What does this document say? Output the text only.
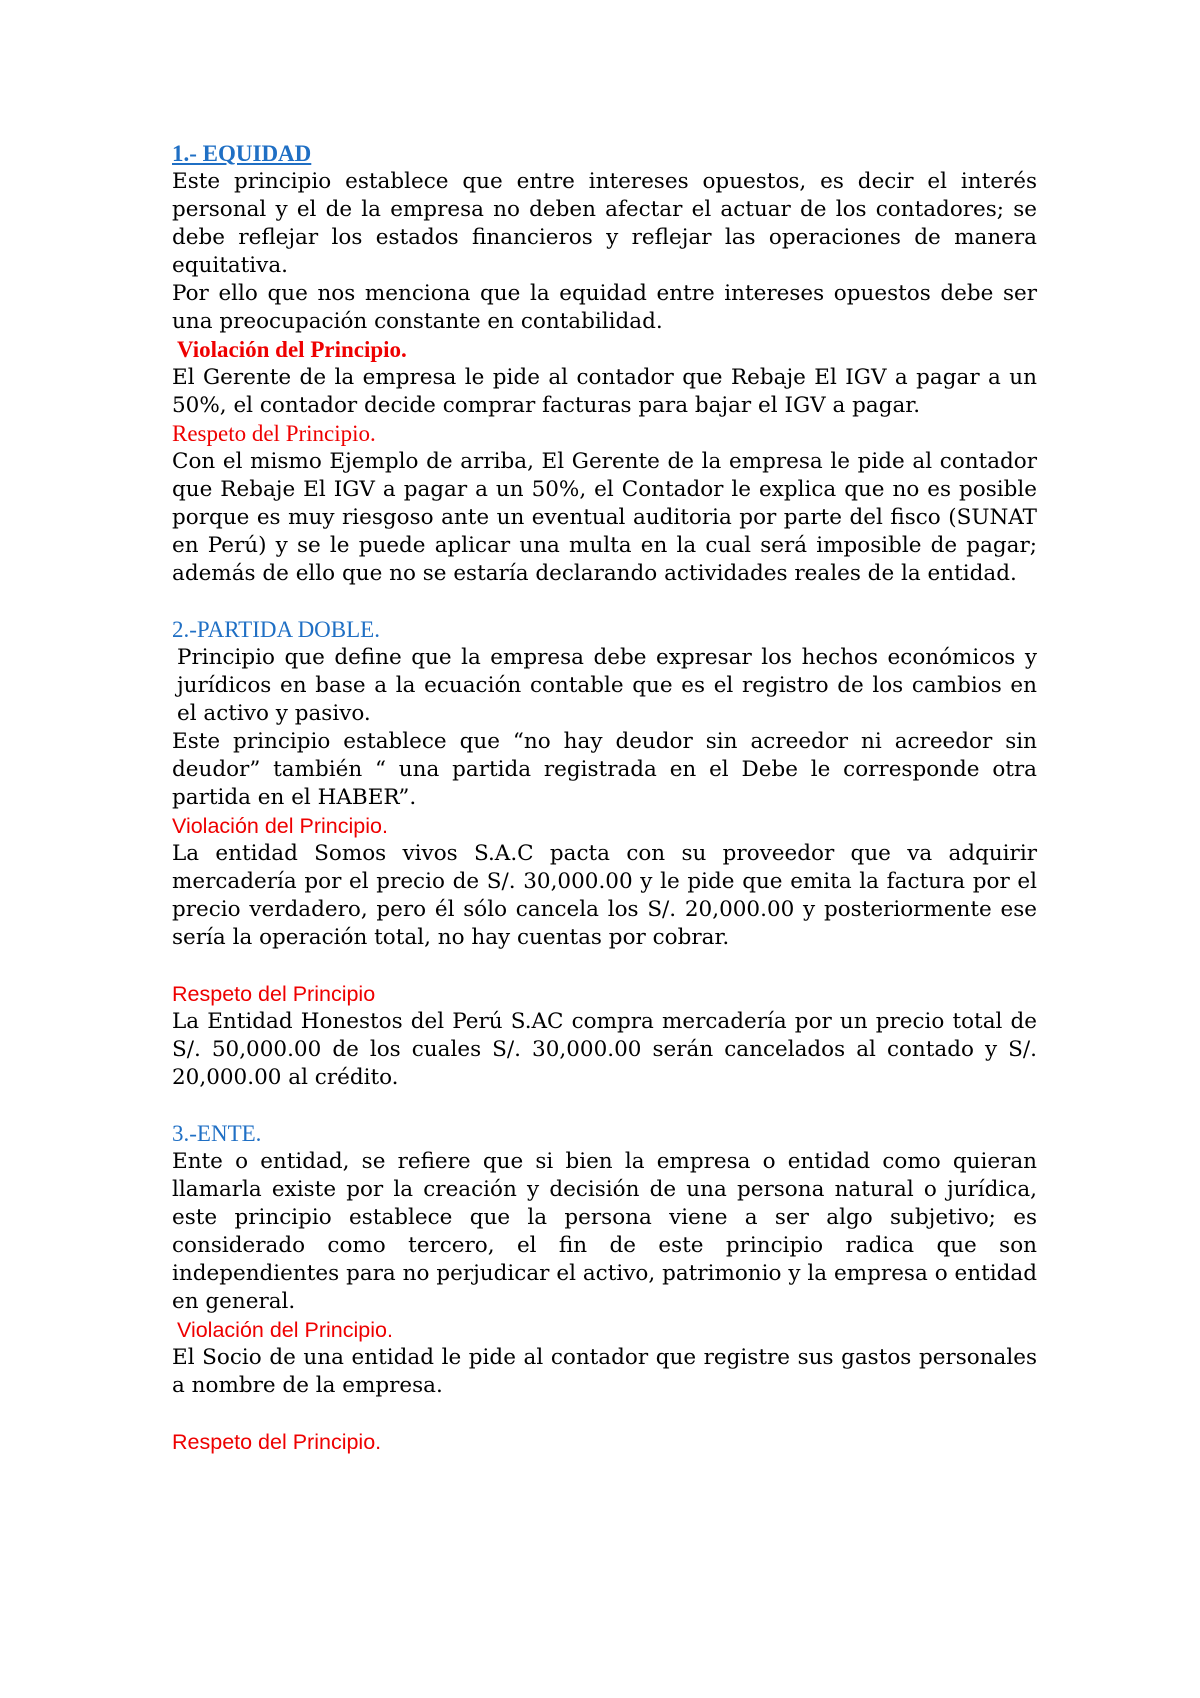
1.- EQUIDAD

Este principio establece que entre intereses opuestos, es decir el interés personal y el de la empresa no deben afectar el actuar de los contadores; se debe reflejar los estados financieros y reflejar las operaciones de manera equitativa.

Por ello que nos menciona que la equidad entre intereses opuestos debe ser una preocupación constante en contabilidad.

Violación del Principio.

El Gerente de la empresa le pide al contador que Rebaje El IGV a pagar a un 50%, el contador decide comprar facturas para bajar el IGV a pagar.

Respeto del Principio.

Con el mismo Ejemplo de arriba, El Gerente de la empresa le pide al contador que Rebaje El IGV a pagar a un 50%, el Contador le explica que no es posible porque es muy riesgoso ante un eventual auditoria por parte del fisco (SUNAT en Perú) y se le puede aplicar una multa en la cual será imposible de pagar; además de ello que no se estaría declarando actividades reales de la entidad.

2.-PARTIDA DOBLE.

Principio que define que la empresa debe expresar los hechos económicos y jurídicos en base a la ecuación contable que es el registro de los cambios en el activo y pasivo.

Este principio establece que “no hay deudor sin acreedor ni acreedor sin deudor” también “ una partida registrada en el Debe le corresponde otra partida en el HABER”.

Violación del Principio.

La entidad Somos vivos S.A.C pacta con su proveedor que va adquirir mercadería por el precio de S/. 30,000.00 y le pide que emita la factura por el precio verdadero, pero él sólo cancela los S/. 20,000.00 y posteriormente ese sería la operación total, no hay cuentas por cobrar.

Respeto del Principio

La Entidad Honestos del Perú S.AC compra mercadería por un precio total de S/. 50,000.00 de los cuales S/. 30,000.00 serán cancelados al contado y S/. 20,000.00 al crédito.

3.-ENTE.

Ente o entidad, se refiere que si bien la empresa o entidad como quieran llamarla existe por la creación y decisión de una persona natural o jurídica, este principio establece que la persona viene a ser algo subjetivo; es considerado como tercero, el fin de este principio radica que son independientes para no perjudicar el activo, patrimonio y la empresa o entidad en general.

Violación del Principio.

El Socio de una entidad le pide al contador que registre sus gastos personales a nombre de la empresa.

Respeto del Principio.
